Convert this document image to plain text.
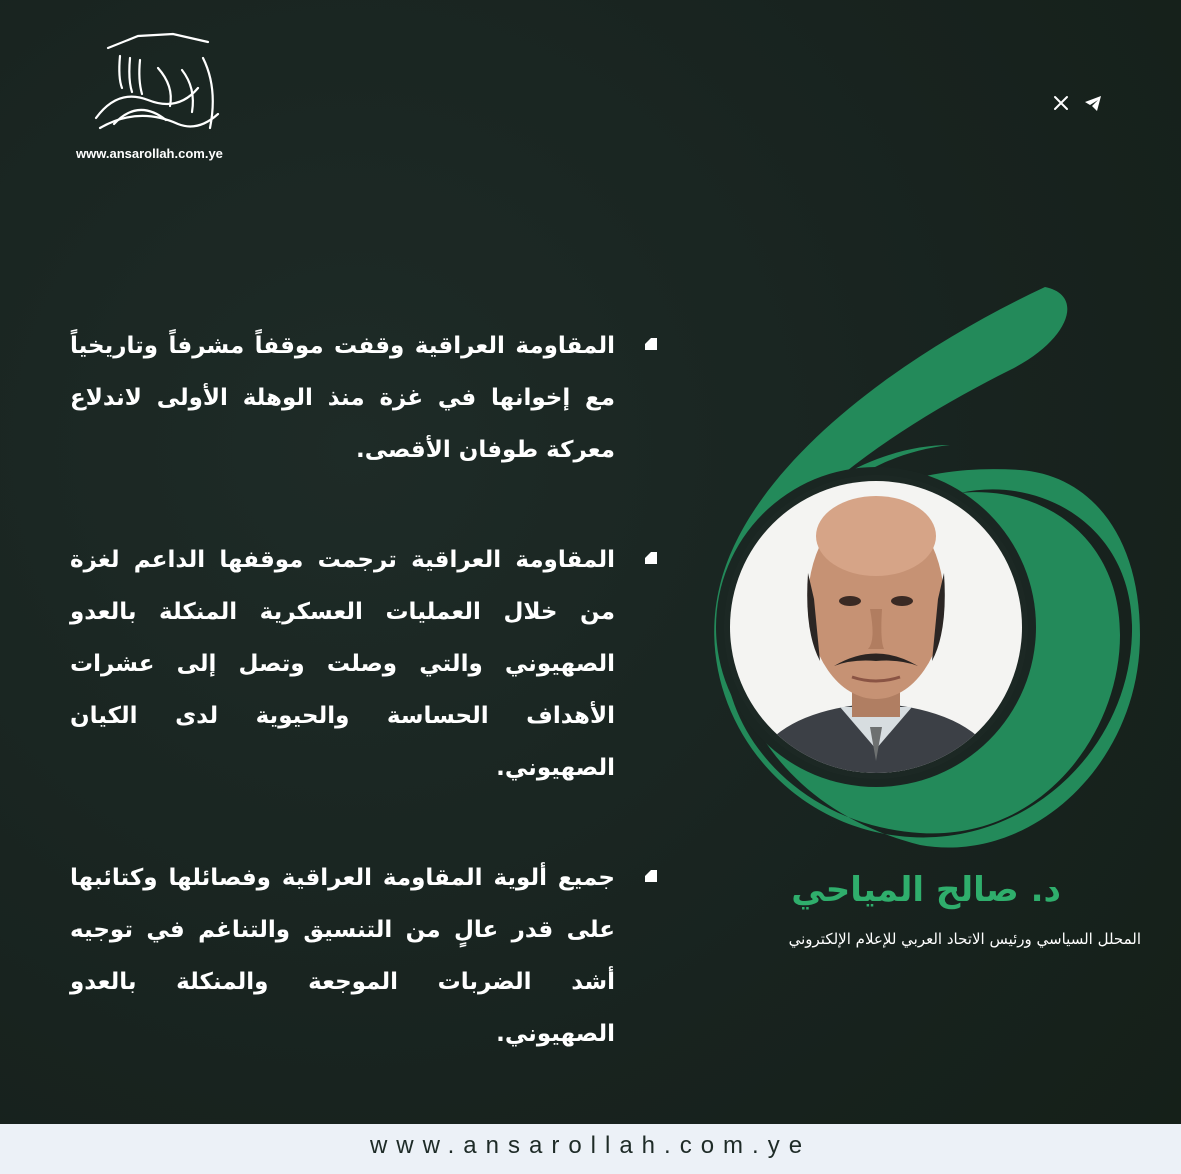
www.ansarollah.com.ye
د. صالح المياحي
المحلل السياسي ورئيس الاتحاد العربي للإعلام الإلكتروني

المقاومة العراقية وقفت موقفاً مشرفاً وتاريخياً مع إخوانها في غزة منذ الوهلة الأولى لاندلاع معركة طوفان الأقصى.

المقاومة العراقية ترجمت موقفها الداعم لغزة من خلال العمليات العسكرية المنكلة بالعدو الصهيوني والتي وصلت وتصل إلى عشرات الأهداف الحساسة والحيوية لدى الكيان الصهيوني.

جميع ألوية المقاومة العراقية وفصائلها وكتائبها على قدر عالٍ من التنسيق والتناغم في توجيه أشد الضربات الموجعة والمنكلة بالعدو الصهيوني.

www.ansarollah.com.ye
